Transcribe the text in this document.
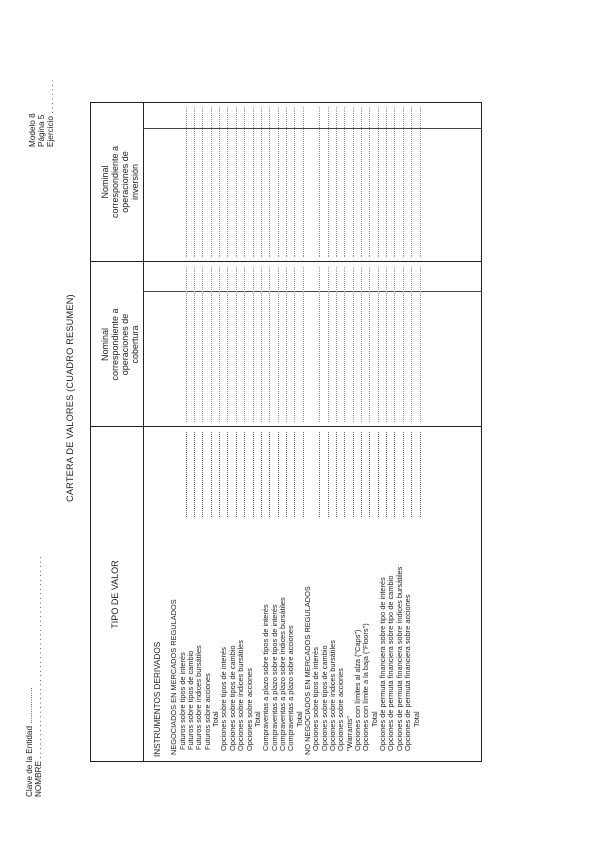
Clave de la Entidad ................
NOMBRE . . . . . . . . . . . . . . . . . . . . . . . . . . . . . . . . . . . . . . . . . . . . .
Modelo 8 Página 5 Ejercicio . . . . . . . .
CARTERA DE VALORES (CUADRO RESUMEN)
TIPO DE VALOR
Nominal correspondiente a operaciones de cobertura
Nominal correspondiente a operaciones de inversión
INSTRUMENTOS DERIVADOS NEGOCIADOS EN MERCADOS REGULADOS Futuros sobre tipos de interés Futuros sobre tipos de cambio Futuros sobre índices bursátiles Futuros sobre acciones Total Opciones sobre tipos de interés Opciones sobre tipos de cambio Opciones sobre índices bursátiles Opciones sobre acciones Total Compraventas a plazo sobre tipos de interés Compraventas a plazo sobre tipos de interés Compraventas a plazo sobre índices bursátiles Compraventas a plazo sobre acciones Total NO NEGOCIADOS EN MERCADOS REGULADOS Opciones sobre tipos de interés Opciones sobre tipos de cambio Opciones sobre índices bursátiles Opciones sobre acciones "Warrants" Opciones con límites al alza ("Caps") Opciones con límite a la baja ("Floors") Total Opciones de permuta financiera sobre tipo de interés Opciones de permuta financiera sobre tipo de cambio Opciones de permuta financiera sobre índices bursátiles Opciones de permuta financiera sobre acciones Total
